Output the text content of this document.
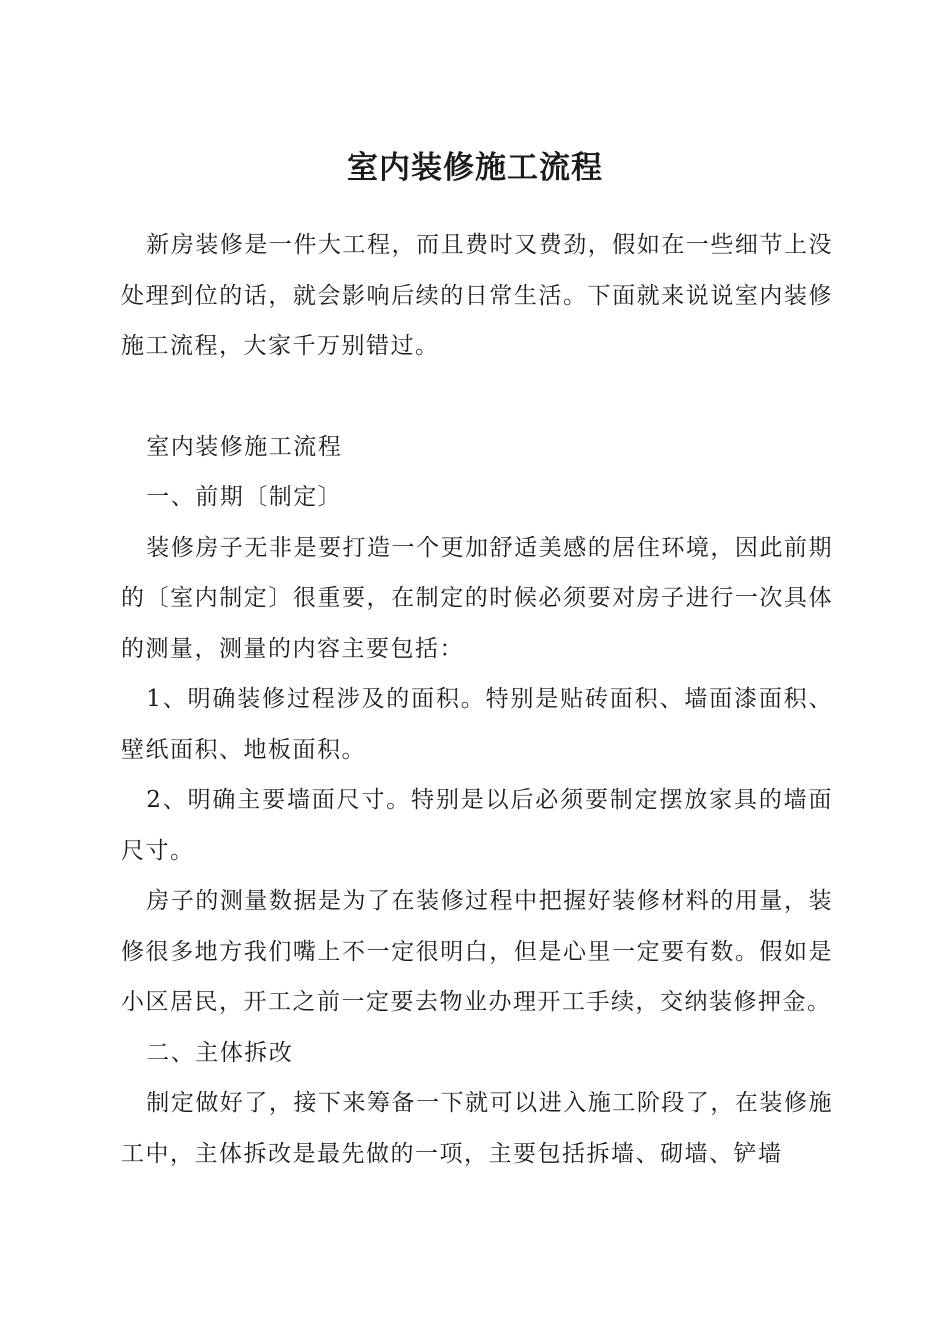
室内装修施工流程

新房装修是一件大工程，而且费时又费劲，假如在一些细节上没处理到位的话，就会影响后续的日常生活。下面就来说说室内装修施工流程，大家千万别错过。

室内装修施工流程

一、前期〔制定〕

装修房子无非是要打造一个更加舒适美感的居住环境，因此前期的〔室内制定〕很重要，在制定的时候必须要对房子进行一次具体的测量，测量的内容主要包括：

1、明确装修过程涉及的面积。特别是贴砖面积、墙面漆面积、壁纸面积、地板面积。

2、明确主要墙面尺寸。特别是以后必须要制定摆放家具的墙面尺寸。

房子的测量数据是为了在装修过程中把握好装修材料的用量，装修很多地方我们嘴上不一定很明白，但是心里一定要有数。假如是小区居民，开工之前一定要去物业办理开工手续，交纳装修押金。

二、主体拆改

制定做好了，接下来筹备一下就可以进入施工阶段了，在装修施工中，主体拆改是最先做的一项，主要包括拆墙、砌墙、铲墙
